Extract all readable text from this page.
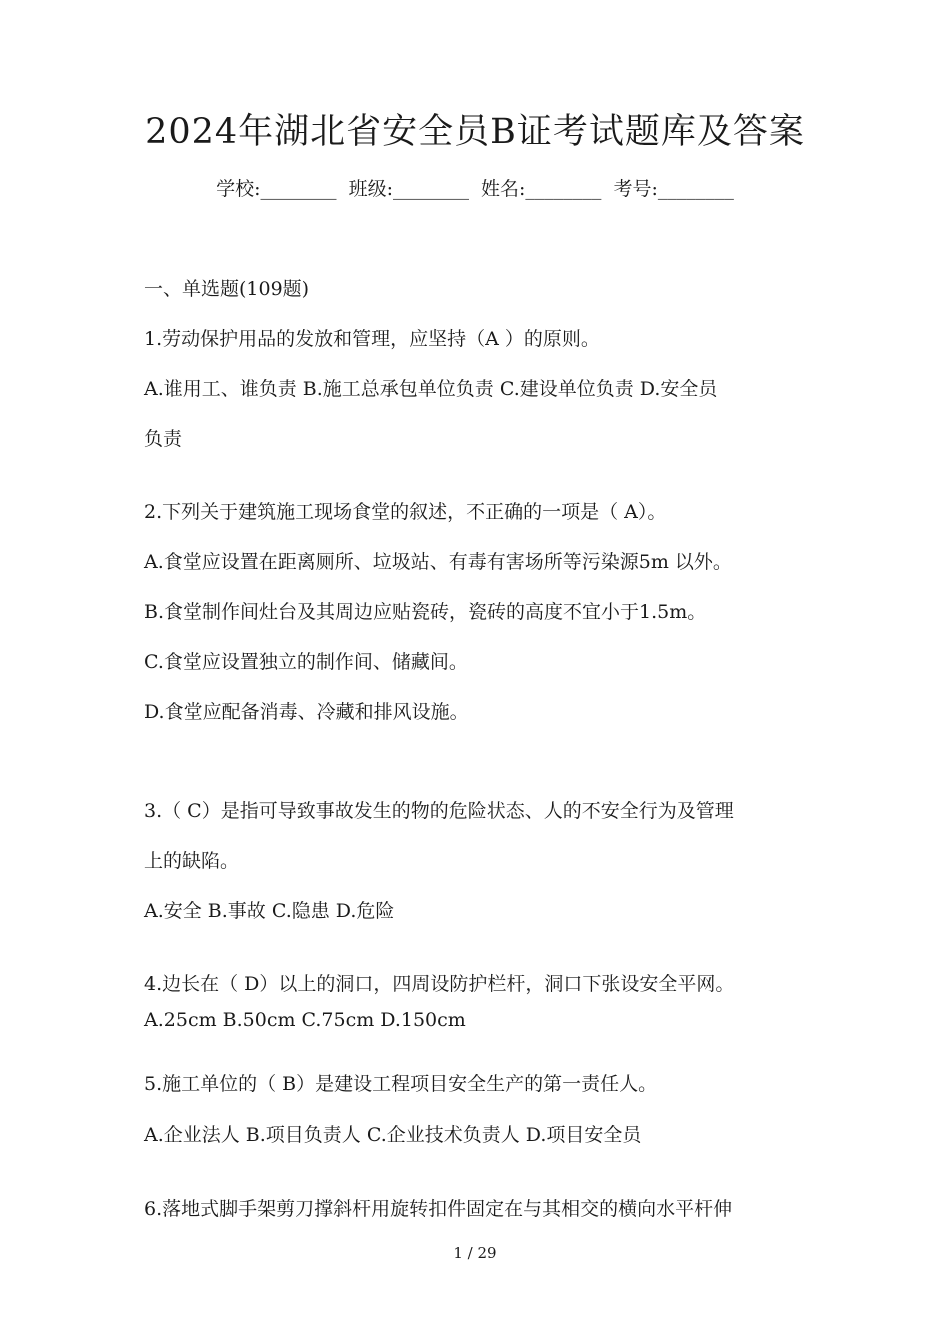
2024年湖北省安全员B证考试题库及答案
学校:________ 班级:________ 姓名:________ 考号:________

一、单选题(109题)

1.劳动保护用品的发放和管理，应坚持（A ）的原则。

A.谁用工、谁负责 B.施工总承包单位负责 C.建设单位负责 D.安全员

负责

2.下列关于建筑施工现场食堂的叙述，不正确的一项是（ A）。

A.食堂应设置在距离厕所、垃圾站、有毒有害场所等污染源5m 以外。

B.食堂制作间灶台及其周边应贴瓷砖，瓷砖的高度不宜小于1.5m。

C.食堂应设置独立的制作间、储藏间。

D.食堂应配备消毒、冷藏和排风设施。

3.（ C）是指可导致事故发生的物的危险状态、人的不安全行为及管理

上的缺陷。

A.安全 B.事故 C.隐患 D.危险

4.边长在（ D）以上的洞口，四周设防护栏杆，洞口下张设安全平网。

A.25cm B.50cm C.75cm D.150cm

5.施工单位的（ B）是建设工程项目安全生产的第一责任人。

A.企业法人 B.项目负责人 C.企业技术负责人 D.项目安全员

6.落地式脚手架剪刀撑斜杆用旋转扣件固定在与其相交的横向水平杆伸

1 / 29
